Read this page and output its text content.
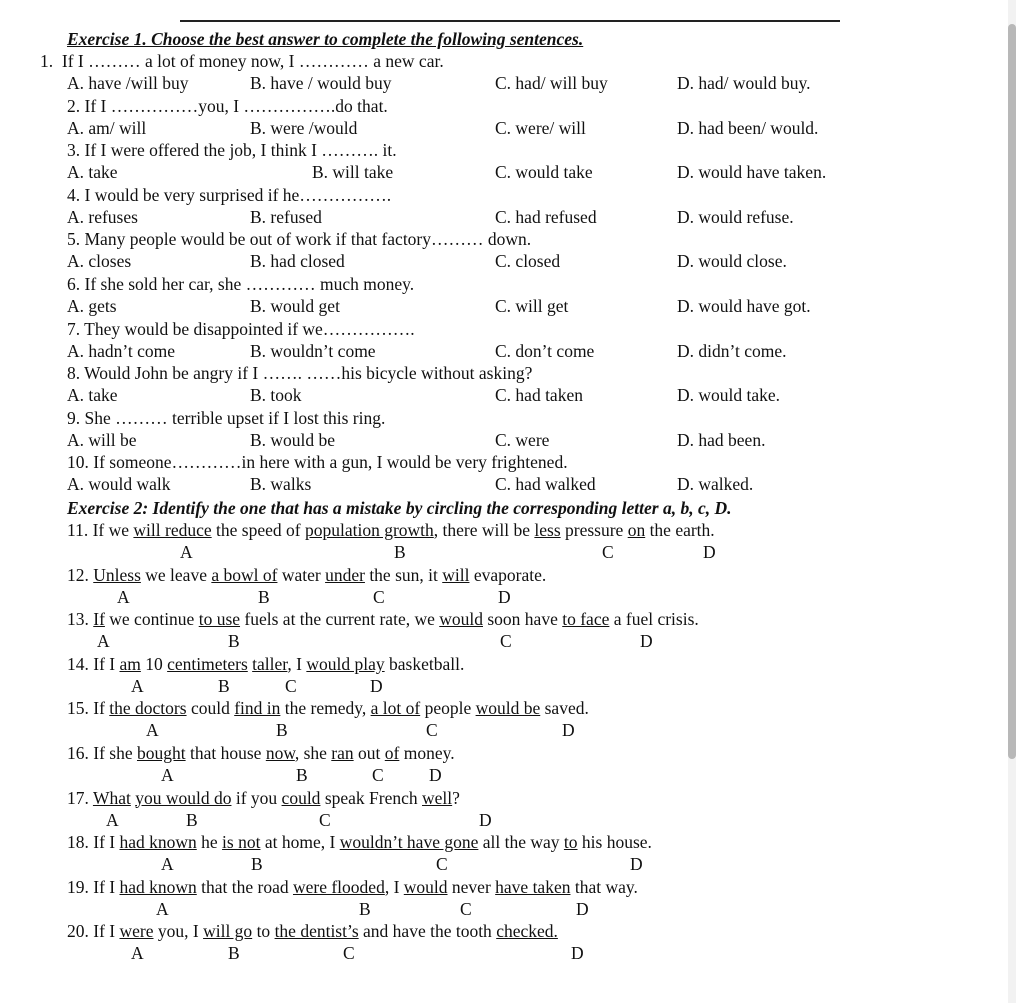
Exercise 1. Choose the best answer to complete the following sentences.
1.  If I ……… a lot of money now, I ………… a new car.
A. have /will buy	B. have / would buy	C. had/ will buy	D. had/ would buy.
2. If I ……………you, I …………….do that.
A. am/ will	B. were /would	C. were/ will	D. had been/ would.
3. If I were offered the job, I think I ………. it.
A. take	B. will take	C. would take	D. would have taken.
4. I would be very surprised if he…………….
A. refuses	B. refused	C. had refused	D. would refuse.
5. Many people would be out of work if that factory……… down.
A. closes	B. had closed	C. closed	D. would close.
6. If she sold her car, she ………… much money.
A. gets	B. would get	C. will get	D. would have got.
7. They would be disappointed if we…………….
A. hadn’t come	B. wouldn’t come	C. don’t come	D. didn’t come.
8. Would John be angry if I ……. ……his bicycle without asking?
A. take	B. took	C. had taken	D. would take.
9. She ……… terrible upset if I lost this ring.
A. will be	B. would be	C. were	D. had been.
10. If someone…………in here with a gun, I would be very frightened.
A. would walk	B. walks	C. had walked	D. walked.
Exercise 2: Identify the one that has a mistake by circling the corresponding letter a, b, c, D.
11. If we will reduce the speed of population growth, there will be less pressure on the earth.
A	B	C	D
12. Unless we leave a bowl of water under the sun, it will evaporate.
A	B	C	D
13. If we continue to use fuels at the current rate, we would soon have to face a fuel crisis.
A	B	C	D
14. If I am 10 centimeters taller, I would play basketball.
A	B	C	D
15. If the doctors could find in the remedy, a lot of people would be saved.
A	B	C	D
16. If she bought that house now, she ran out of money.
A	B	C	D
17. What you would do if you could speak French well?
A	B	C	D
18. If I had known he is not at home, I wouldn’t have gone all the way to his house.
A	B	C	D
19. If I had known that the road were flooded, I would never have taken that way.
A	B	C	D
20. If I were you, I will go to the dentist’s and have the tooth checked.
A	B	C	D
